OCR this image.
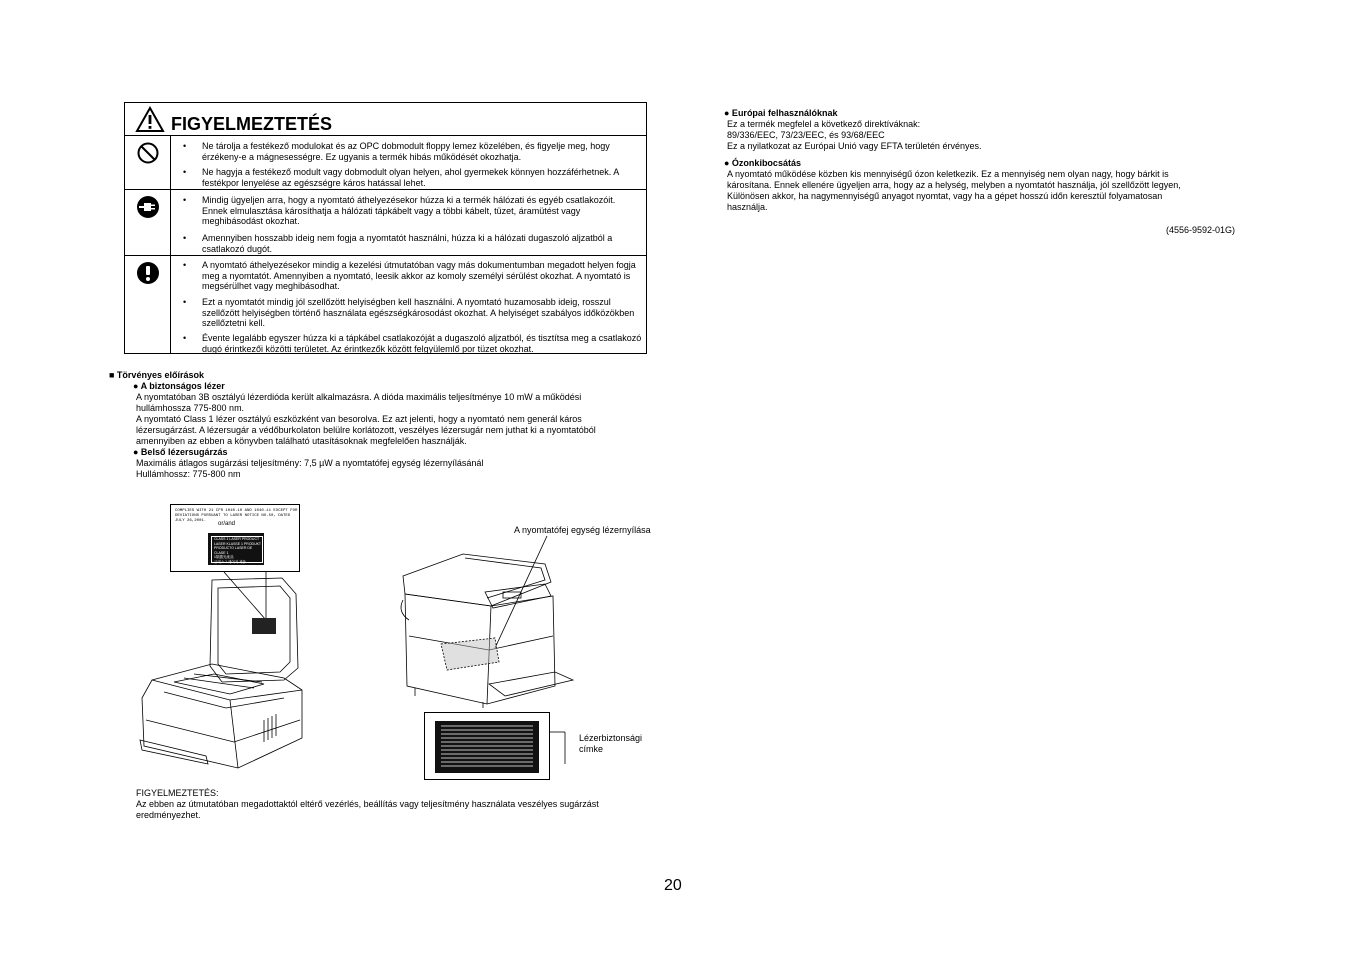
FIGYELMEZTETÉS
• Ne tárolja a festékező modulokat és az OPC dobmodult floppy lemez közelében, és figyelje meg, hogy érzékeny-e a mágnesességre. Ez ugyanis a termék hibás működését okozhatja.
• Ne hagyja a festékező modult vagy dobmodult olyan helyen, ahol gyermekek könnyen hozzáférhetnek. A festékpor lenyelése az egészségre káros hatással lehet.
• Mindig ügyeljen arra, hogy a nyomtató áthelyezésekor húzza ki a termék hálózati és egyéb csatlakozóit. Ennek elmulasztása károsíthatja a hálózati tápkábelt vagy a többi kábelt, tüzet, áramütést vagy meghibásodást okozhat.
• Amennyiben hosszabb ideig nem fogja a nyomtatót használni, húzza ki a hálózati dugaszoló aljzatból a csatlakozó dugót.
• A nyomtató áthelyezésekor mindig a kezelési útmutatóban vagy más dokumentumban megadott helyen fogja meg a nyomtatót. Amennyiben a nyomtató, leesik akkor az komoly személyi sérülést okozhat. A nyomtató is megsérülhet vagy meghibásodhat.
• Ezt a nyomtatót mindig jól szellőzött helyiségben kell használni. A nyomtató huzamosabb ideig, rosszul szellőzött helyiségben történő használata egészségkárosodást okozhat. A helyiséget szabályos időközökben szellőztetni kell.
• Évente legalább egyszer húzza ki a tápkábel csatlakozóját a dugaszoló aljzatból, és tisztítsa meg a csatlakozó dugó érintkezői közötti területet. Az érintkezők között felgyülemlő por tüzet okozhat.
■ Törvényes előírások
● A biztonságos lézer
A nyomtatóban 3B osztályú lézerdióda került alkalmazásra. A dióda maximális teljesítménye 10 mW a működési
hullámhossza 775-800 nm.
A nyomtató Class 1 lézer osztályú eszközként van besorolva. Ez azt jelenti, hogy a nyomtató nem generál káros
lézersugárzást. A lézersugár a védőburkolaton belülre korlátozott, veszélyes lézersugár nem juthat ki a nyomtatóból
amennyiben az ebben a könyvben található utasításoknak megfelelően használják.
● Belső lézersugárzás
Maximális átlagos sugárzási teljesítmény: 7,5 µW a nyomtatófej egység lézernyílásánál
Hullámhossz: 775-800 nm
COMPLIES WITH 21 CFR 1040.10 AND 1040.11 EXCEPT FOR
DEVIATIONS PURSUANT TO LASER NOTICE NO.50, DATED JULY 26,2001.	or/and
CLASS 1 LASER PRODUCT
LASER KLASSE 1 PRODUKT
PRODUCTO LASER DE CLASE 1
1類激光產品
클래스 1 레이저 제품
A nyomtatófej egység lézernyílása
Lézerbiztonsági
címke
FIGYELMEZTETÉS:
Az ebben az útmutatóban megadottaktól eltérő vezérlés, beállítás vagy teljesítmény használata veszélyes sugárzást
eredményezhet.
● Európai felhasználóknak
Ez a termék megfelel a következő direktíváknak:
89/336/EEC, 73/23/EEC, és 93/68/EEC
Ez a nyilatkozat az Európai Unió vagy EFTA területén érvényes.
● Ózonkibocsátás
A nyomtató működése közben kis mennyiségű ózon keletkezik. Ez a mennyiség nem olyan nagy, hogy bárkit is
károsítana. Ennek ellenére ügyeljen arra, hogy az a helység, melyben a nyomtatót használja, jól szellőzött legyen,
Különösen akkor, ha nagymennyiségű anyagot nyomtat, vagy ha a gépet hosszú időn keresztül folyamatosan
használja.
(4556-9592-01G)
20
